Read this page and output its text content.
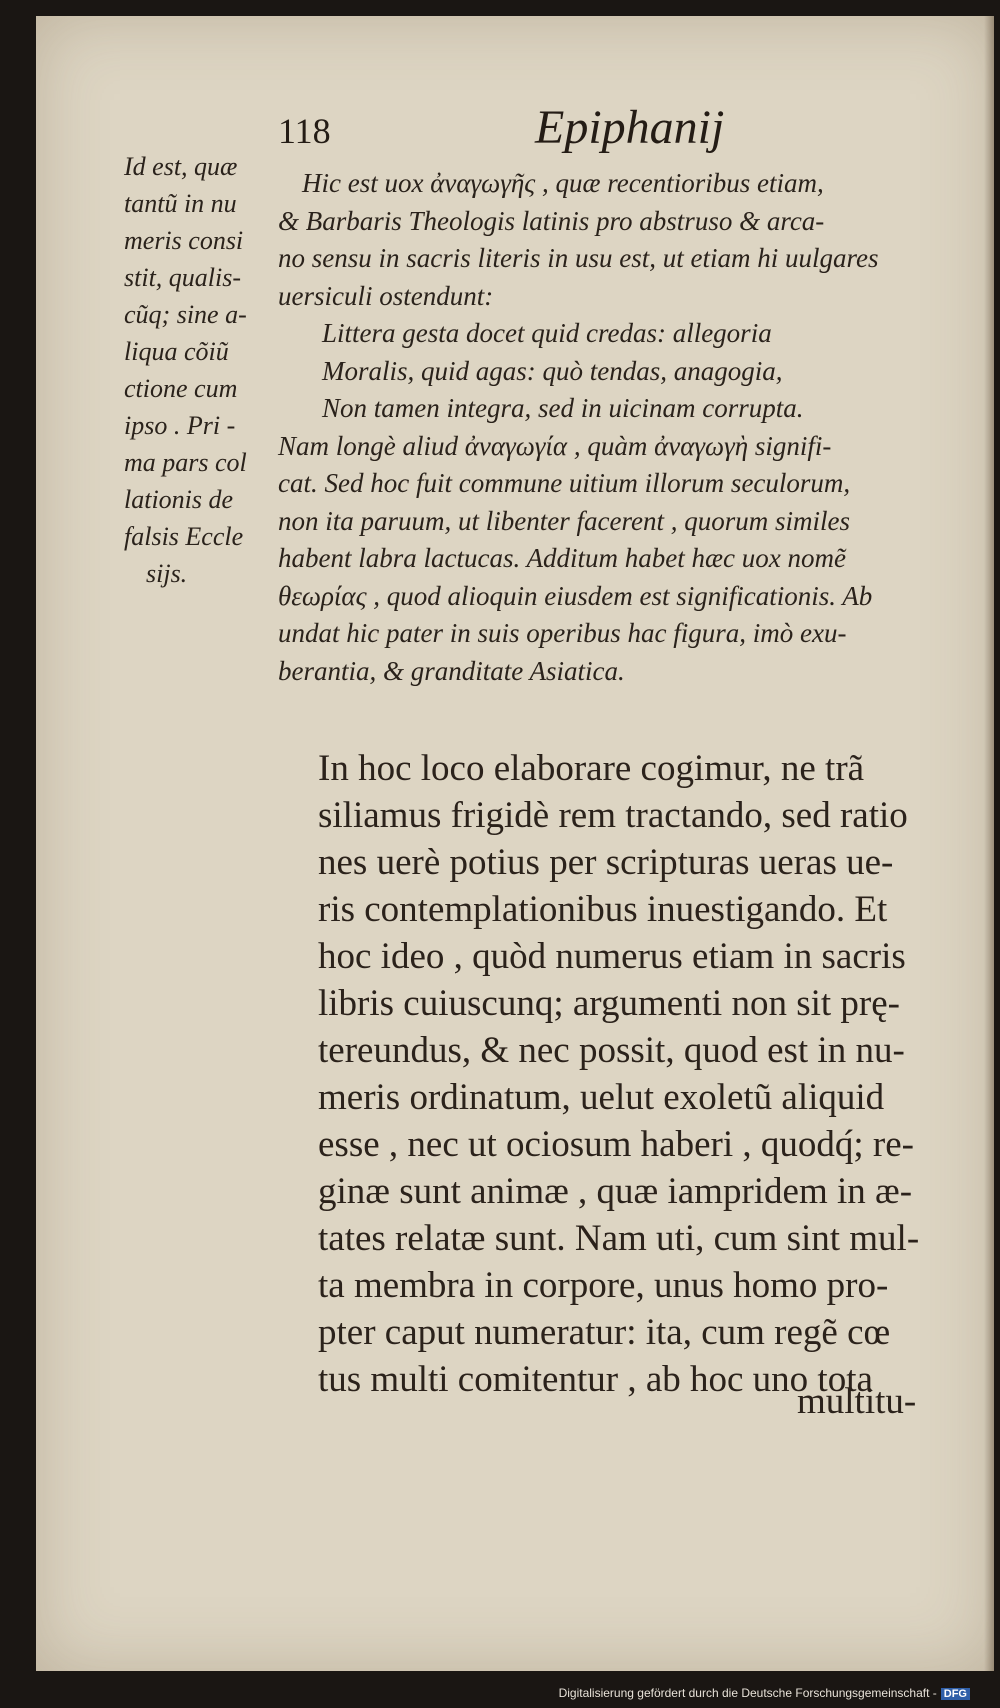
118	Epiphanij
Id est, quæ
tantũ in nu
meris consi
stit, qualis-
cũq; sine a-
liqua cõiũ
ctione cum
ipso . Pri -
ma pars col
lationis de
falsis Eccle
sijs.
Hic est uox ἀναγωγῆς , quæ recentioribus etiam,
& Barbaris Theologis latinis pro abstruso & arca-
no sensu in sacris literis in usu est, ut etiam hi uulgares
uersiculi ostendunt:
Littera gesta docet quid credas: allegoria
Moralis, quid agas: quò tendas, anagogia,
Non tamen integra, sed in uicinam corrupta.
Nam longè aliud ἀναγωγία , quàm ἀναγωγὴ signifi-
cat. Sed hoc fuit commune uitium illorum seculorum,
non ita paruum, ut libenter facerent , quorum similes
habent labra lactucas. Additum habet hæc uox nomẽ
θεωρίας , quod alioquin eiusdem est significationis. Ab
undat hic pater in suis operibus hac figura, imò exu-
berantia, & granditate Asiatica.
In hoc loco elaborare cogimur, ne trã
siliamus frigidè rem tractando, sed ratio
nes uerè potius per scripturas ueras ue-
ris contemplationibus inuestigando. Et
hoc ideo , quòd numerus etiam in sacris
libris cuiuscunq; argumenti non sit prę-
tereundus, & nec possit, quod est in nu-
meris ordinatum, uelut exoletũ aliquid
esse , nec ut ociosum haberi , quodq́; re-
ginæ sunt animæ , quæ iampridem in æ-
tates relatæ sunt. Nam uti, cum sint mul-
ta membra in corpore, unus homo pro-
pter caput numeratur: ita, cum regẽ cœ
tus multi comitentur , ab hoc uno tota
multitu-
Digitalisierung gefördert durch die Deutsche Forschungsgemeinschaft - DFG
